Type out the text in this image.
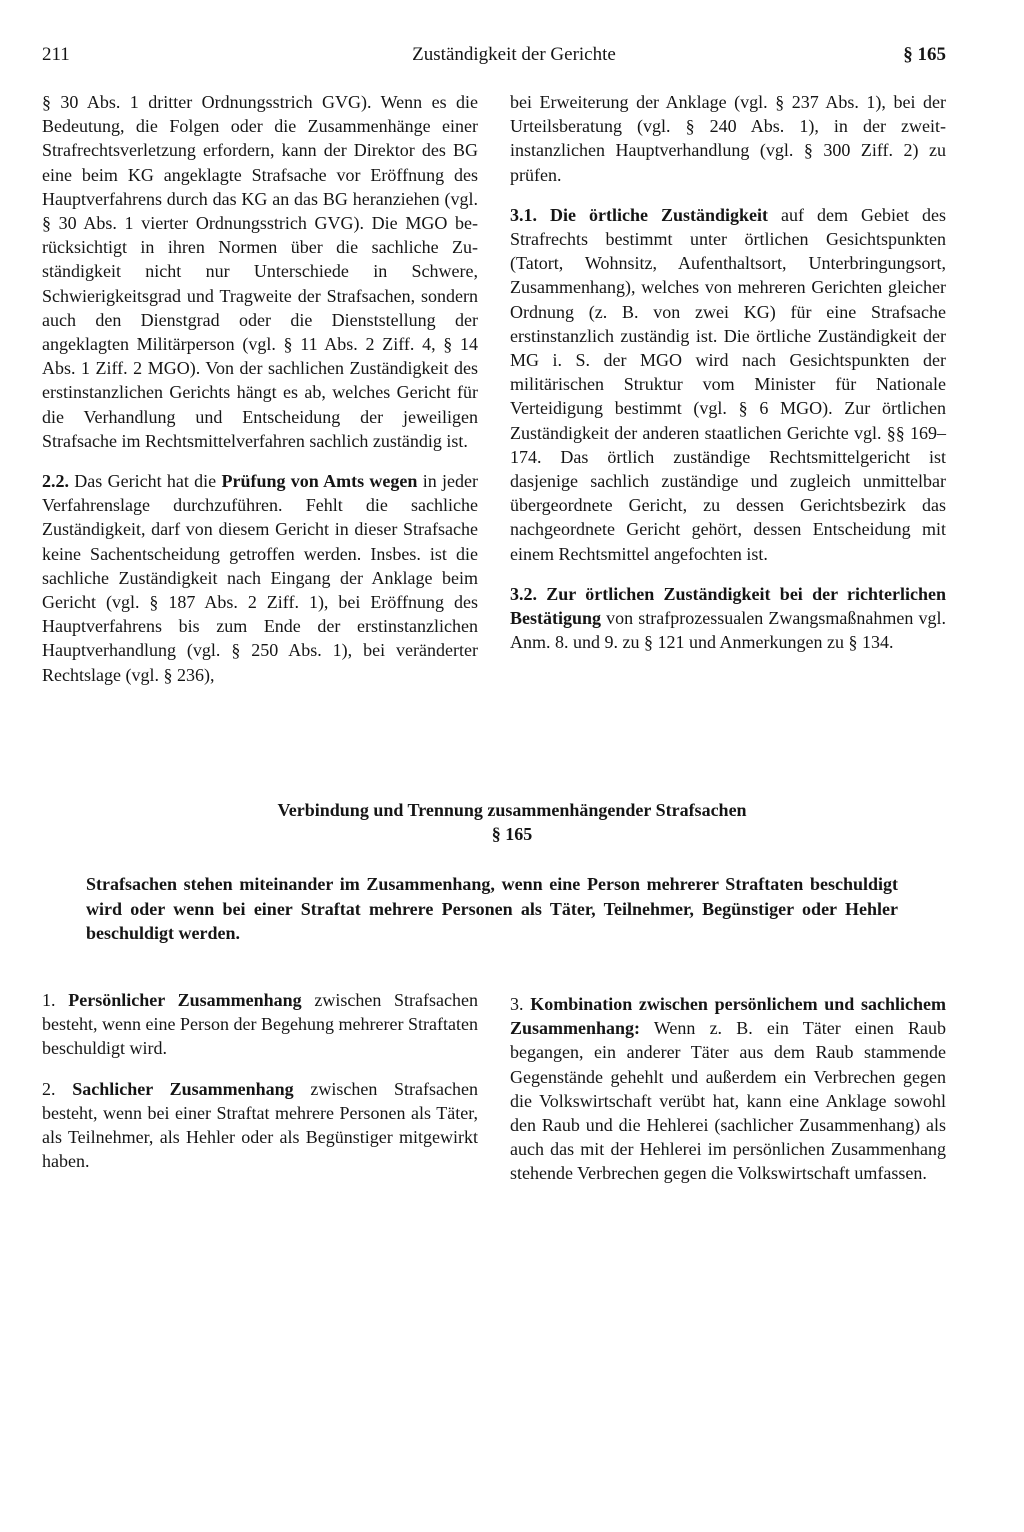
211	Zuständigkeit der Gerichte	§ 165

§ 30 Abs. 1 dritter Ordnungsstrich GVG). Wenn es die Bedeutung, die Folgen oder die Zusammenhänge einer Strafrechtsverletzung erfordern, kann der Direktor des BG eine beim KG angeklagte Strafsache vor Eröffnung des Hauptverfahrens durch das KG an das BG heranziehen (vgl. § 30 Abs. 1 vierter Ordnungsstrich GVG). Die MGO berücksichtigt in ihren Normen über die sachliche Zuständigkeit nicht nur Unterschiede in Schwere, Schwierigkeitsgrad und Tragweite der Strafsachen, sondern auch den Dienstgrad oder die Dienststellung der angeklagten Militärperson (vgl. § 11 Abs. 2 Ziff. 4, § 14 Abs. 1 Ziff. 2 MGO). Von der sachlichen Zuständigkeit des erstinstanzlichen Gerichts hängt es ab, welches Gericht für die Verhandlung und Entscheidung der jeweiligen Strafsache im Rechtsmittelverfahren sachlich zuständig ist.

2.2. Das Gericht hat die Prüfung von Amts wegen in jeder Verfahrenslage durchzuführen. Fehlt die sachliche Zuständigkeit, darf von diesem Gericht in dieser Strafsache keine Sachentscheidung getroffen werden. Insbes. ist die sachliche Zuständigkeit nach Eingang der Anklage beim Gericht (vgl. § 187 Abs. 2 Ziff. 1), bei Eröffnung des Hauptverfahrens bis zum Ende der erstinstanzlichen Hauptverhandlung (vgl. § 250 Abs. 1), bei veränderter Rechtslage (vgl. § 236),

bei Erweiterung der Anklage (vgl. § 237 Abs. 1), bei der Urteilsberatung (vgl. § 240 Abs. 1), in der zweitinstanzlichen Hauptverhandlung (vgl. § 300 Ziff. 2) zu prüfen.

3.1. Die örtliche Zuständigkeit auf dem Gebiet des Strafrechts bestimmt unter örtlichen Gesichtspunkten (Tatort, Wohnsitz, Aufenthaltsort, Unterbringungsort, Zusammenhang), welches von mehreren Gerichten gleicher Ordnung (z. B. von zwei KG) für eine Strafsache erstinstanzlich zuständig ist. Die örtliche Zuständigkeit der MG i. S. der MGO wird nach Gesichtspunkten der militärischen Struktur vom Minister für Nationale Verteidigung bestimmt (vgl. § 6 MGO). Zur örtlichen Zuständigkeit der anderen staatlichen Gerichte vgl. §§ 169–174. Das örtlich zuständige Rechtsmittelgericht ist dasjenige sachlich zuständige und zugleich unmittelbar übergeordnete Gericht, zu dessen Gerichtsbezirk das nachgeordnete Gericht gehört, dessen Entscheidung mit einem Rechtsmittel angefochten ist.

3.2. Zur örtlichen Zuständigkeit bei der richterlichen Bestätigung von strafprozessualen Zwangsmaßnahmen vgl. Anm. 8. und 9. zu § 121 und Anmerkungen zu § 134.

Verbindung und Trennung zusammenhängender Strafsachen
§ 165
Strafsachen stehen miteinander im Zusammenhang, wenn eine Person mehrerer Straftaten beschuldigt wird oder wenn bei einer Straftat mehrere Personen als Täter, Teilnehmer, Begünstiger oder Hehler beschuldigt werden.

1. Persönlicher Zusammenhang zwischen Strafsachen besteht, wenn eine Person der Begehung mehrerer Straftaten beschuldigt wird.

2. Sachlicher Zusammenhang zwischen Strafsachen besteht, wenn bei einer Straftat mehrere Personen als Täter, als Teilnehmer, als Hehler oder als Begünstiger mitgewirkt haben.

3. Kombination zwischen persönlichem und sachlichem Zusammenhang: Wenn z. B. ein Täter einen Raub begangen, ein anderer Täter aus dem Raub stammende Gegenstände gehehlt und außerdem ein Verbrechen gegen die Volkswirtschaft verübt hat, kann eine Anklage sowohl den Raub und die Hehlerei (sachlicher Zusammenhang) als auch das mit der Hehlerei im persönlichen Zusammenhang stehende Verbrechen gegen die Volkswirtschaft umfassen.
